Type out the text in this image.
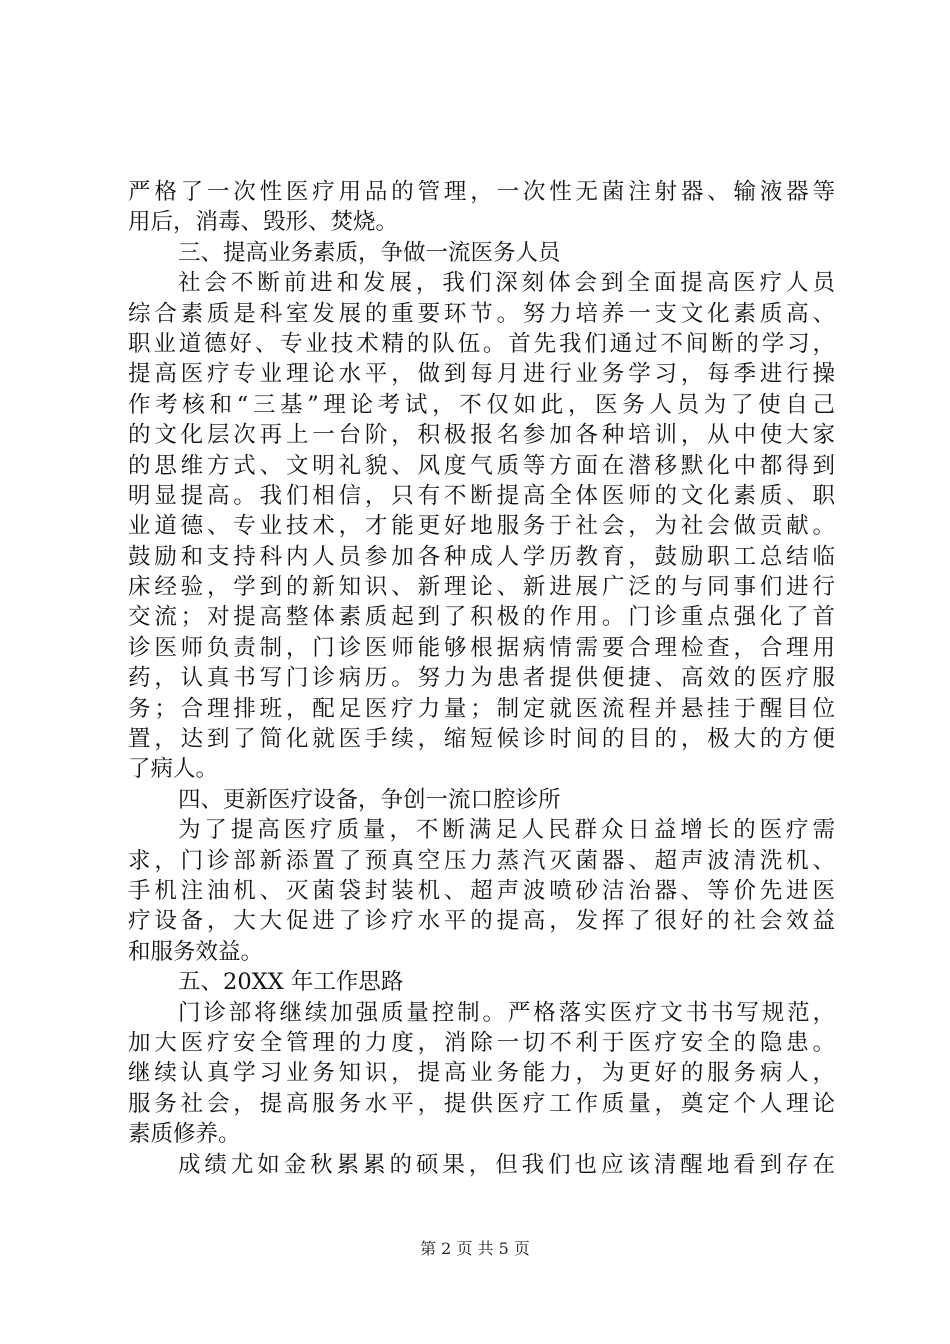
严格了一次性医疗用品的管理，一次性无菌注射器、输液器等
用后，消毒、毁形、焚烧。
三、提高业务素质，争做一流医务人员
社会不断前进和发展，我们深刻体会到全面提高医疗人员
综合素质是科室发展的重要环节。努力培养一支文化素质高、
职业道德好、专业技术精的队伍。首先我们通过不间断的学习，
提高医疗专业理论水平，做到每月进行业务学习，每季进行操
作考核和“三基”理论考试，不仅如此，医务人员为了使自己
的文化层次再上一台阶，积极报名参加各种培训，从中使大家
的思维方式、文明礼貌、风度气质等方面在潜移默化中都得到
明显提高。我们相信，只有不断提高全体医师的文化素质、职
业道德、专业技术，才能更好地服务于社会，为社会做贡献。
鼓励和支持科内人员参加各种成人学历教育，鼓励职工总结临
床经验，学到的新知识、新理论、新进展广泛的与同事们进行
交流；对提高整体素质起到了积极的作用。门诊重点强化了首
诊医师负责制，门诊医师能够根据病情需要合理检查，合理用
药，认真书写门诊病历。努力为患者提供便捷、高效的医疗服
务；合理排班，配足医疗力量；制定就医流程并悬挂于醒目位
置，达到了简化就医手续，缩短候诊时间的目的，极大的方便
了病人。
四、更新医疗设备，争创一流口腔诊所
为了提高医疗质量，不断满足人民群众日益增长的医疗需
求，门诊部新添置了预真空压力蒸汽灭菌器、超声波清洗机、
手机注油机、灭菌袋封装机、超声波喷砂洁治器、等价先进医
疗设备，大大促进了诊疗水平的提高，发挥了很好的社会效益
和服务效益。
五、20XX 年工作思路
门诊部将继续加强质量控制。严格落实医疗文书书写规范，
加大医疗安全管理的力度，消除一切不利于医疗安全的隐患。
继续认真学习业务知识，提高业务能力，为更好的服务病人，
服务社会，提高服务水平，提供医疗工作质量，奠定个人理论
素质修养。
成绩尤如金秋累累的硕果，但我们也应该清醒地看到存在
第 2 页 共 5 页
